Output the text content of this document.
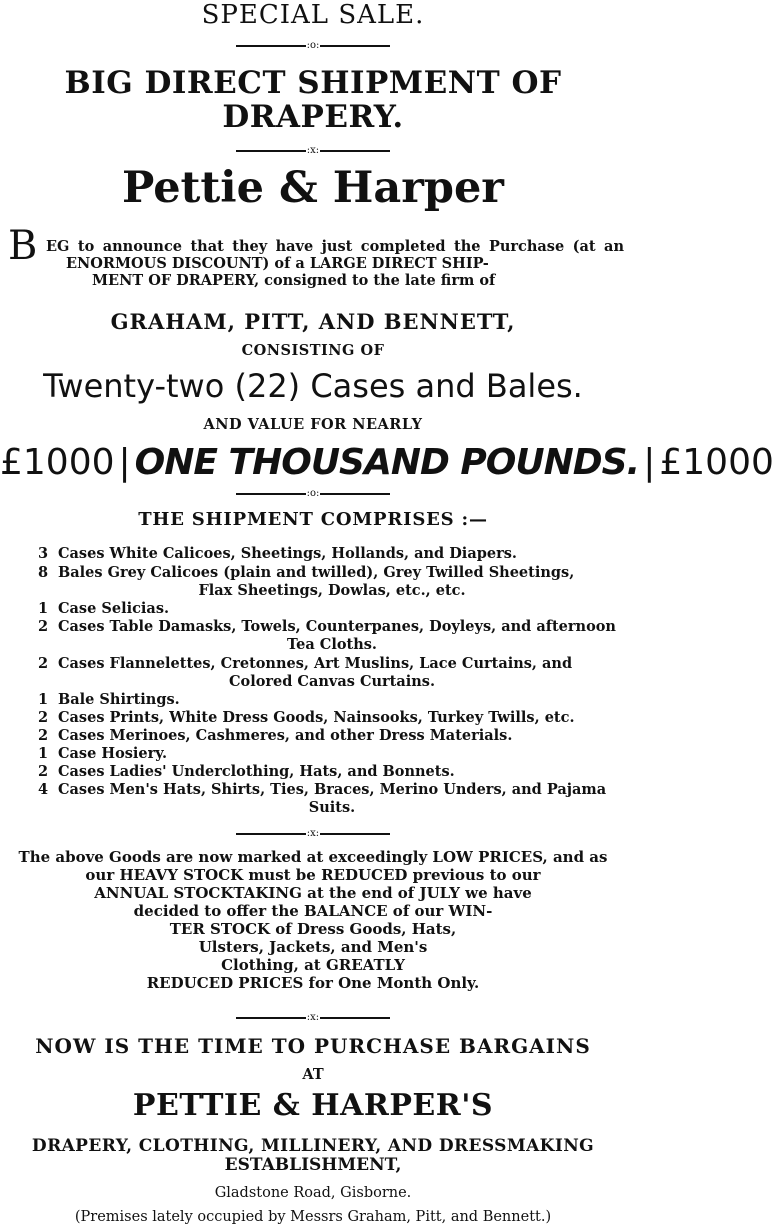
SPECIAL SALE.
:o:
BIG DIRECT SHIPMENT OF
DRAPERY.
:x:
Pettie & Harper
B EG to announce that they have just completed the Purchase (at an
ENORMOUS DISCOUNT) of a LARGE DIRECT SHIP-
MENT OF DRAPERY, consigned to the late firm of
GRAHAM, PITT, AND BENNETT,
CONSISTING OF
Twenty-two (22) Cases and Bales.
AND VALUE FOR NEARLY
£1000 | ONE THOUSAND POUNDS. | £1000
:o:
THE SHIPMENT COMPRISES :—
3 Cases White Calicoes, Sheetings, Hollands, and Diapers.
8 Bales Grey Calicoes (plain and twilled), Grey Twilled Sheetings,
Flax Sheetings, Dowlas, etc., etc.
1 Case Selicias.
2 Cases Table Damasks, Towels, Counterpanes, Doyleys, and afternoon
Tea Cloths.
2 Cases Flannelettes, Cretonnes, Art Muslins, Lace Curtains, and
Colored Canvas Curtains.
1 Bale Shirtings.
2 Cases Prints, White Dress Goods, Nainsooks, Turkey Twills, etc.
2 Cases Merinoes, Cashmeres, and other Dress Materials.
1 Case Hosiery.
2 Cases Ladies' Underclothing, Hats, and Bonnets.
4 Cases Men's Hats, Shirts, Ties, Braces, Merino Unders, and Pajama
Suits.
:x:
The above Goods are now marked at exceedingly LOW PRICES, and as
our HEAVY STOCK must be REDUCED previous to our
ANNUAL STOCKTAKING at the end of JULY we have
decided to offer the BALANCE of our WIN-
TER STOCK of Dress Goods, Hats,
Ulsters, Jackets, and Men's
Clothing, at GREATLY
REDUCED PRICES for One Month Only.
:x:
NOW IS THE TIME TO PURCHASE BARGAINS
AT
PETTIE & HARPER'S
DRAPERY, CLOTHING, MILLINERY, AND DRESSMAKING
ESTABLISHMENT,
Gladstone Road, Gisborne.
(Premises lately occupied by Messrs Graham, Pitt, and Bennett.)
